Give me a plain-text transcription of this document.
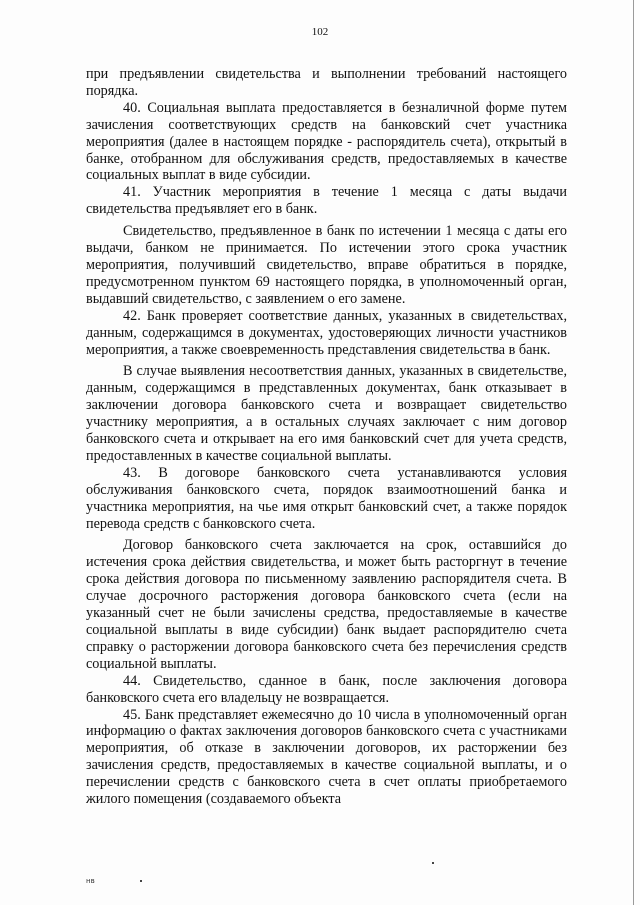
102

при предъявлении свидетельства и выполнении требований настоящего порядка.

40. Социальная выплата предоставляется в безналичной форме путем зачисления соответствующих средств на банковский счет участника мероприятия (далее в настоящем порядке - распорядитель счета), открытый в банке, отобранном для обслуживания средств, предоставляемых в качестве социальных выплат в виде субсидии.

41. Участник мероприятия в течение 1 месяца с даты выдачи свидетельства предъявляет его в банк.

Свидетельство, предъявленное в банк по истечении 1 месяца с даты его выдачи, банком не принимается. По истечении этого срока участник мероприятия, получивший свидетельство, вправе обратиться в порядке, предусмотренном пунктом 69 настоящего порядка, в уполномоченный орган, выдавший свидетельство, с заявлением о его замене.

42. Банк проверяет соответствие данных, указанных в свидетельствах, данным, содержащимся в документах, удостоверяющих личности участников мероприятия, а также своевременность представления свидетельства в банк.

В случае выявления несоответствия данных, указанных в свидетельстве, данным, содержащимся в представленных документах, банк отказывает в заключении договора банковского счета и возвращает свидетельство участнику мероприятия, а в остальных случаях заключает с ним договор банковского счета и открывает на его имя банковский счет для учета средств, предоставленных в качестве социальной выплаты.

43. В договоре банковского счета устанавливаются условия обслуживания банковского счета, порядок взаимоотношений банка и участника мероприятия, на чье имя открыт банковский счет, а также порядок перевода средств с банковского счета.

Договор банковского счета заключается на срок, оставшийся до истечения срока действия свидетельства, и может быть расторгнут в течение срока действия договора по письменному заявлению распорядителя счета. В случае досрочного расторжения договора банковского счета (если на указанный счет не были зачислены средства, предоставляемые в качестве социальной выплаты в виде субсидии) банк выдает распорядителю счета справку о расторжении договора банковского счета без перечисления средств социальной выплаты.

44. Свидетельство, сданное в банк, после заключения договора банковского счета его владельцу не возвращается.

45. Банк представляет ежемесячно до 10 числа в уполномоченный орган информацию о фактах заключения договоров банковского счета с участниками мероприятия, об отказе в заключении договоров, их расторжении без зачисления средств, предоставляемых в качестве социальной выплаты, и о перечислении средств с банковского счета в счет оплаты приобретаемого жилого помещения (создаваемого объекта

нв
